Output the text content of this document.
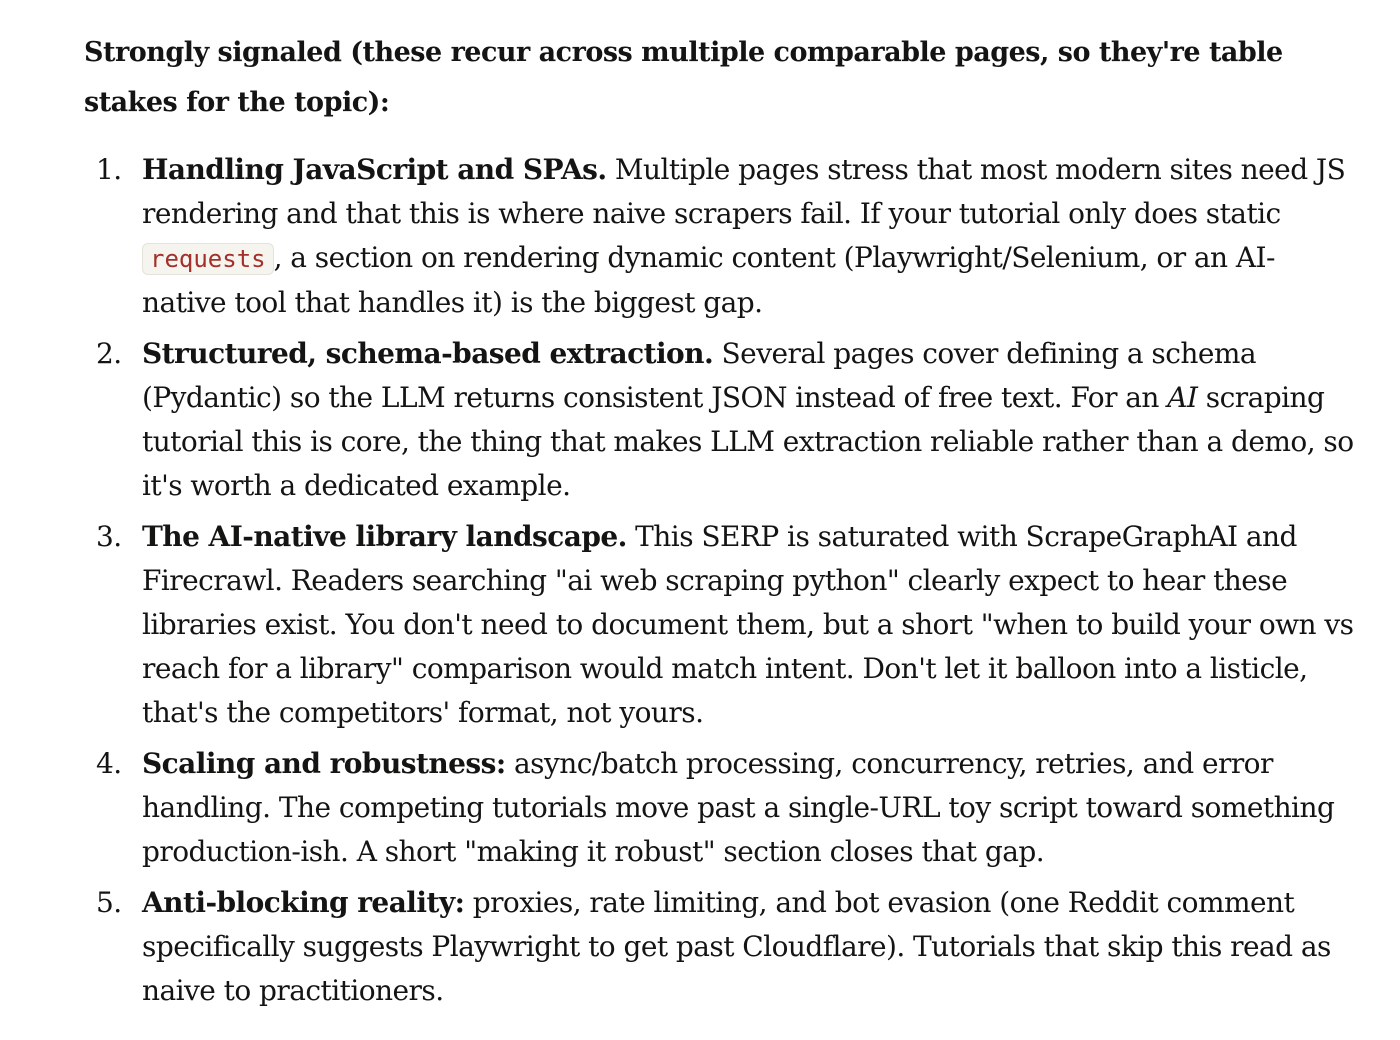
Strongly signaled (these recur across multiple comparable pages, so they're table stakes for the topic):

1. Handling JavaScript and SPAs. Multiple pages stress that most modern sites need JS rendering and that this is where naive scrapers fail. If your tutorial only does static requests , a section on rendering dynamic content (Playwright/Selenium, or an AI-native tool that handles it) is the biggest gap.
2. Structured, schema-based extraction. Several pages cover defining a schema (Pydantic) so the LLM returns consistent JSON instead of free text. For an AI scraping tutorial this is core, the thing that makes LLM extraction reliable rather than a demo, so it's worth a dedicated example.
3. The AI-native library landscape. This SERP is saturated with ScrapeGraphAI and Firecrawl. Readers searching "ai web scraping python" clearly expect to hear these libraries exist. You don't need to document them, but a short "when to build your own vs reach for a library" comparison would match intent. Don't let it balloon into a listicle, that's the competitors' format, not yours.
4. Scaling and robustness: async/batch processing, concurrency, retries, and error handling. The competing tutorials move past a single-URL toy script toward something production-ish. A short "making it robust" section closes that gap.
5. Anti-blocking reality: proxies, rate limiting, and bot evasion (one Reddit comment specifically suggests Playwright to get past Cloudflare). Tutorials that skip this read as naive to practitioners.
